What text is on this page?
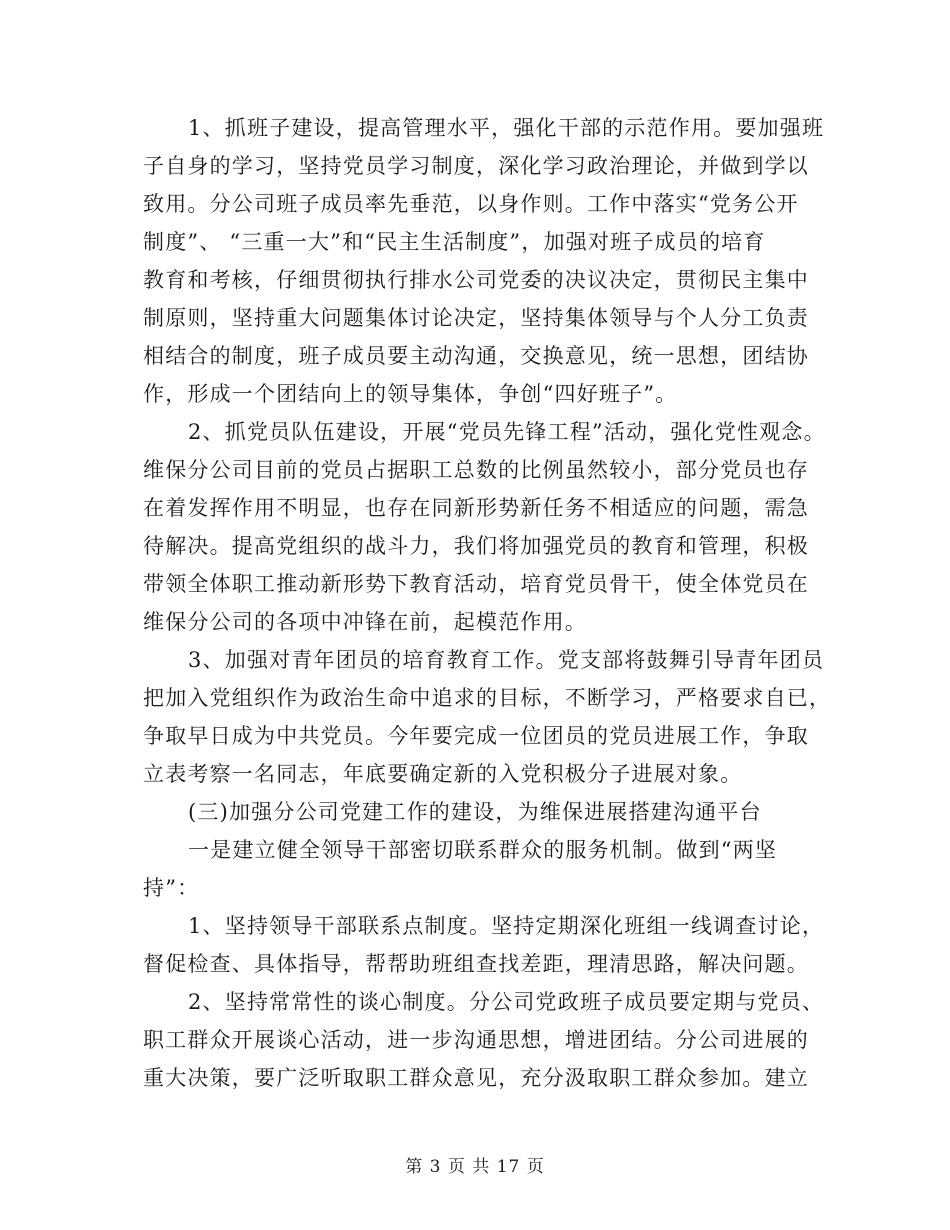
1、抓班子建设，提高管理水平，强化干部的示范作用。要加强班
子自身的学习，坚持党员学习制度，深化学习政治理论，并做到学以
致用。分公司班子成员率先垂范，以身作则。工作中落实“党务公开
制度”、 “三重一大”和“民主生活制度”，加强对班子成员的培育
教育和考核，仔细贯彻执行排水公司党委的决议决定，贯彻民主集中
制原则，坚持重大问题集体讨论决定，坚持集体领导与个人分工负责
相结合的制度，班子成员要主动沟通，交换意见，统一思想，团结协
作，形成一个团结向上的领导集体，争创“四好班子”。
2、抓党员队伍建设，开展“党员先锋工程”活动，强化党性观念。
维保分公司目前的党员占据职工总数的比例虽然较小，部分党员也存
在着发挥作用不明显，也存在同新形势新任务不相适应的问题，需急
待解决。提高党组织的战斗力，我们将加强党员的教育和管理，积极
带领全体职工推动新形势下教育活动，培育党员骨干，使全体党员在
维保分公司的各项中冲锋在前，起模范作用。
3、加强对青年团员的培育教育工作。党支部将鼓舞引导青年团员
把加入党组织作为政治生命中追求的目标，不断学习，严格要求自已，
争取早日成为中共党员。今年要完成一位团员的党员进展工作，争取
立表考察一名同志，年底要确定新的入党积极分子进展对象。
(三)加强分公司党建工作的建设，为维保进展搭建沟通平台
一是建立健全领导干部密切联系群众的服务机制。做到“两坚
持”：
1、坚持领导干部联系点制度。坚持定期深化班组一线调查讨论，
督促检查、具体指导，帮帮助班组查找差距，理清思路，解决问题。
2、坚持常常性的谈心制度。分公司党政班子成员要定期与党员、
职工群众开展谈心活动，进一步沟通思想，增进团结。分公司进展的
重大决策，要广泛听取职工群众意见，充分汲取职工群众参加。建立
第 3 页 共 17 页
